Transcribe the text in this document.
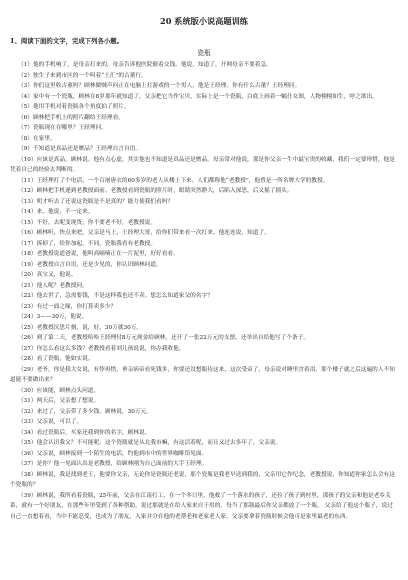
20 系统版小说高题训练
1、阅读下面的文字，完成下列各小题。
瓷瓶

（1）他的手机响了，是母亲打来的，母亲告诉他医院催着交钱。他说，知道了，开网母亲不要着急。

（2）独生子来到市区的一个叫着“土汇”的古董行。

（3）你们这里收古董吗？顾林做贼声问正在电脑上打游戏的一个男人，他是王经理。你有什么古董？王经理问。

（4）家中有一个瓷瓶，顾林在8岁那年就知道了，父亲把它当作宝贝，实际上是一个瓷瓶，白底上画着一幅仕女图，人物栩栩如生，呼之欲出。

（5）他用手机对着瓷瓶各个角度拍了照片。

（6）顾林把手机上的照片翻给王经理看。

（7）瓷瓶现在在哪里？王经理问。

（8）在家里。

（9）不知道是真品还是赝品？王经理自言自语。

（10）应该是真品。顾林说。他有点心虚，其实他也不知道是真品还是赝品。母亲常对他说，那是你父亲一生中最宝贵的收藏，我们一定要珍惜，他是凭着自己的经验去判断的。

（11）王经理打了个电话，一个百屠唐衣的60多岁的老人从楼上下来。人们都称他“老教授”，他曾是一所名牌大学的教授。

（12）顾林把手机递到老教授面前。老教授看到瓷瓶的照片时，眼睛突然睁大，后陷入深思，后又摇了摇头。

（13）明才听去了还说这瓷瓶是不是真的？能力使我们看吗？

（14）来，他说，不一定来。

（15）不好，去呢变现货，你不要老不好，老教授说。

（16）顾林听，快点来吧，父亲是马上，王经理大哥，给你们带来看一次打来。他连连说，知道了。

（17）拆掉了，给你加起，不同，瓷瓶我看有老教授。

（18）老教授说道爸说，他叫高嘀嘀正在一片泥里，好好看看。

（19）老教授自言自语，还是少见的，你认识顾林问道。

（20）真宝又，他说。

（21）他人呢？老教授问。

（22）他去世了，急需要钱，不是这样我也还不卖。您怎么知道家父的名字？

（23）有过一面之缘，你打算卖多少？

（24）3——30万，他说。

（25）老教授沉思片刻，说，好，30万就30万。

（26）到了第二天，老教授哈哈王经理付8万元现金给顾林，还开了一张22万元的支票，还举出自给他写了个条子。

（27）你怎么看这么多钱？老教授看着刘儿孩说说，你办我收他。

（28）看了瓷瓶，他如实说。

（29）老爷，你是我大女说，有悖再惜，垂亲病帝看死钱多，你要还没想瓶待这来，这次受帝了，母亲说对睡里含着泪，那个楼子就之后这遍的人不知道能不要做出来？

（30）应该能，顾林点头问道。

（31）两天后，父亲想了想说。

（32）来过了，父亲带了多少钱。顾林说，30万元。

（33）父亲说，可以了。

（34）看过瓷瓶后，买家还我到你的名字，顾林说。

（35）他会认识我父？不可能呢。这个瓷瓶就是从北我市嘛，有这活着呢，而且又过去多年了。父亲说。

（36）父亲说，顾林接到一个陌生的电话，约他到市中的世界咖啡馆见面。

（37）是你？他一见面认出是老教授，给顾林刚为自己面前的大手王经理。

（38）顾林说，我是找到老王，他要你父亲，无论你是瓷瓶还老说，那个瓷瓶是我老早送到我的，父亲用它作纪念，老教授说，你知道你家怎么会有这个瓷瓶的？

（39）顾林说，我所看着瓷瓶，25年前，父亲在江南打工，在一个冬日里，他救了一个落水的孩子，还拉了孩子到村里，那孩子的父亲和他是老乡关系，就有一个好朋友，在那些年里受到了各种帮助，说过那就是在给人家来自于用的，每当了那瓶最后你父亲都放了一个瓶。 父亲给了他这个瓶子，说过自己一直想着看，当中不能忍受，也成为了朋友，入家并分在他的老帮老和老家老人家，父亲要拿着瓷瓶时候会他可是家里最老的东西。
